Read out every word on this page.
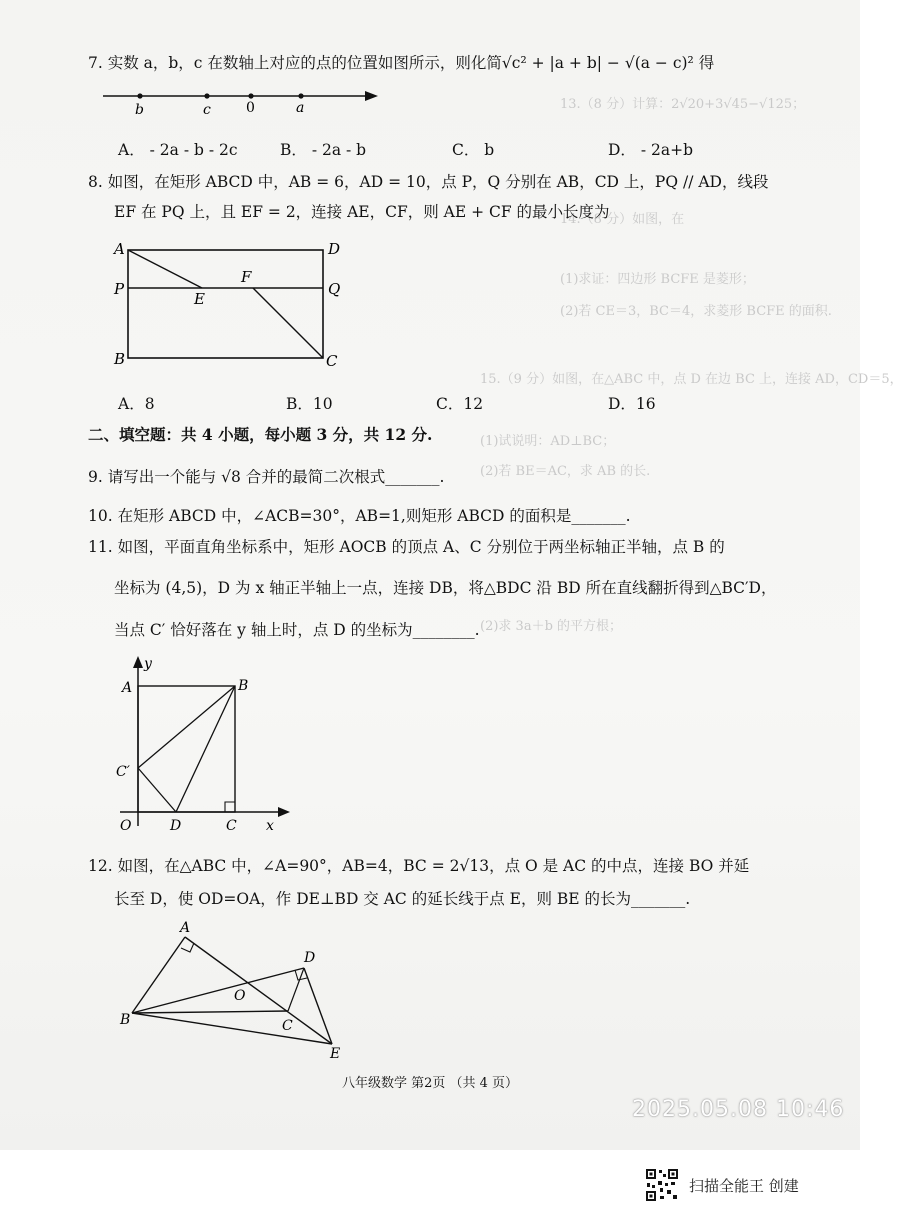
13.（8 分）计算：2√20+3√45−√125；
14.（8 分）如图，在
(1)求证：四边形 BCFE 是菱形；
(2)若 CE＝3，BC＝4，求菱形 BCFE 的面积.
15.（9 分）如图，在△ABC 中，点 D 在边 BC 上，连接 AD，CD＝5，
(1)试说明：AD⊥BC；
(2)若 BE＝AC，求 AB 的长.
(2)求 3a＋b 的平方根；
7. 实数 a，b，c 在数轴上对应的点的位置如图所示，则化简√c² + |a + b| − √(a − c)² 得
b	c	0	a
A． - 2a - b - 2c	B． - 2a - b	C． b	D． - 2a+b
8. 如图，在矩形 ABCD 中，AB = 6，AD = 10，点 P，Q 分别在 AB，CD 上，PQ // AD，线段
EF 在 PQ 上，且 EF = 2，连接 AE，CF，则 AE + CF 的最小长度为
A	D
P	Q
E
F
B	C
A．8	B．10	C．12	D．16
二、填空题：共 4 小题，每小题 3 分，共 12 分.
9. 请写出一个能与 √8 合并的最简二次根式_______.
10. 在矩形 ABCD 中，∠ACB=30°，AB=1,则矩形 ABCD 的面积是_______.
11. 如图，平面直角坐标系中，矩形 AOCB 的顶点 A、C 分别位于两坐标轴正半轴，点 B 的
坐标为 (4,5)，D 为 x 轴正半轴上一点，连接 DB，将△BDC 沿 BD 所在直线翻折得到△BC′D，
当点 C′ 恰好落在 y 轴上时，点 D 的坐标为________.
y
x
A	B
C′
O	D	C
12. 如图，在△ABC 中，∠A=90°，AB=4，BC = 2√13，点 O 是 AC 的中点，连接 BO 并延
长至 D，使 OD=OA，作 DE⊥BD 交 AC 的延长线于点 E，则 BE 的长为_______.
A
D
O
B	C
E
八年级数学 第2页 （共 4 页）
2025.05.08 10:46
扫描全能王 创建
